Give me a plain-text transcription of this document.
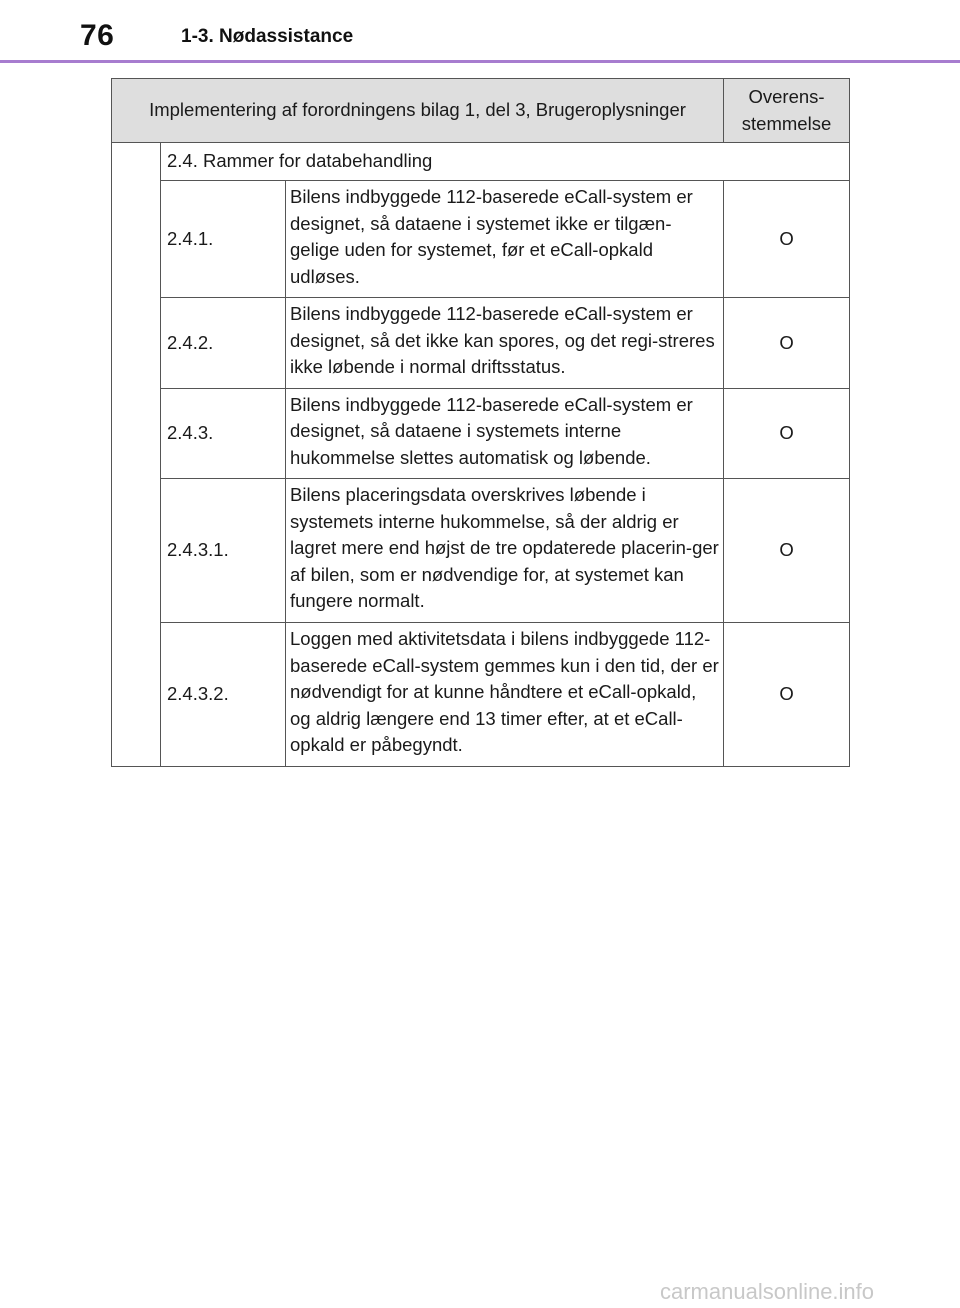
76	1-3. Nødassistance
Implementering af forordningens bilag 1, del 3, Brugeroplysninger			Overens-
stemmelse
	2.4. Rammer for databehandling		
	2.4.1.	Bilens indbyggede 112-baserede eCall-system er designet, så dataene i systemet ikke er tilgæn-gelige uden for systemet, før et eCall-opkald udløses.	O
	2.4.2.	Bilens indbyggede 112-baserede eCall-system er designet, så det ikke kan spores, og det regi-streres ikke løbende i normal driftsstatus.	O
	2.4.3.	Bilens indbyggede 112-baserede eCall-system er designet, så dataene i systemets interne hukommelse slettes automatisk og løbende.	O
	2.4.3.1.	Bilens placeringsdata overskrives løbende i systemets interne hukommelse, så der aldrig er lagret mere end højst de tre opdaterede placerin-ger af bilen, som er nødvendige for, at systemet kan fungere normalt.	O
	2.4.3.2.	Loggen med aktivitetsdata i bilens indbyggede 112-baserede eCall-system gemmes kun i den tid, der er nødvendigt for at kunne håndtere et eCall-opkald, og aldrig længere end 13 timer efter, at et eCall-opkald er påbegyndt.	O
carmanualsonline.info
